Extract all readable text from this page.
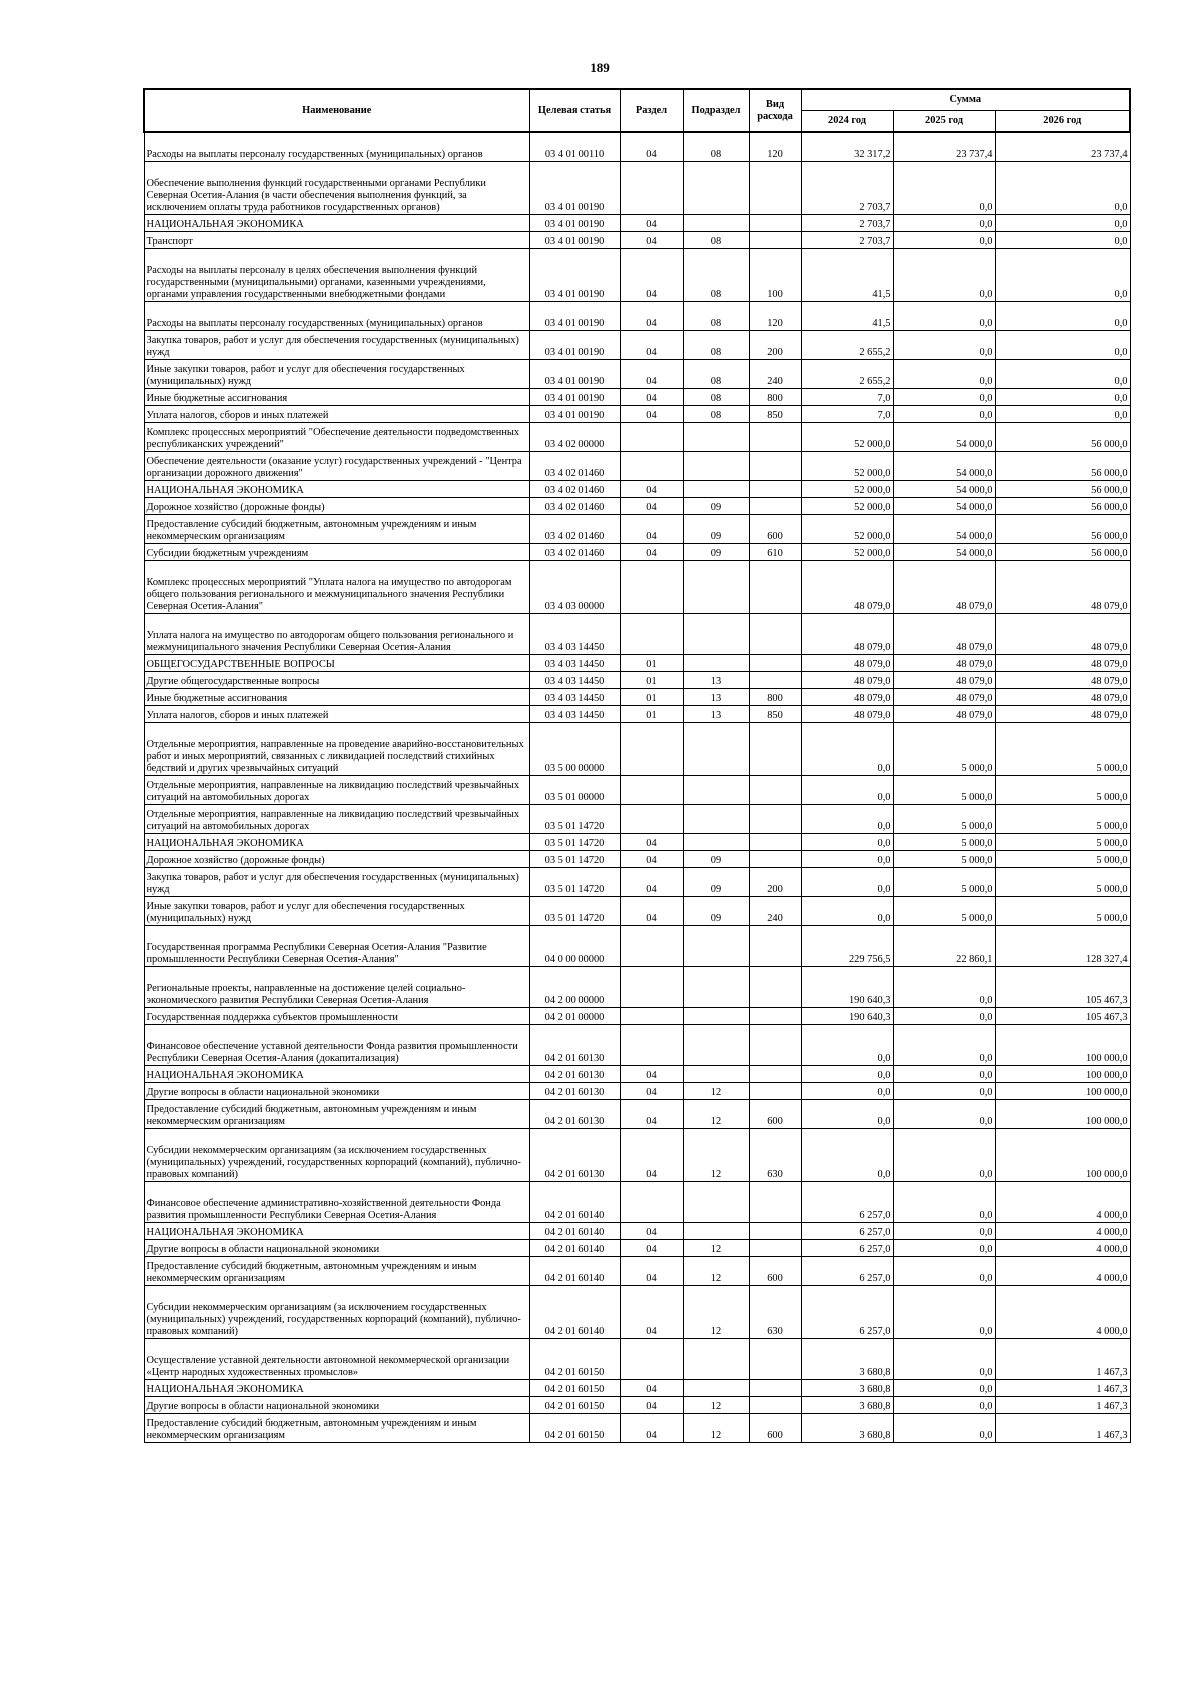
189
Наименование	Целевая статья	Раздел	Подраздел	Вид расхода	Сумма		
					2024 год	2025 год	2026 год
Расходы на выплаты персоналу государственных (муниципальных) органов	03 4 01 00110	04	08	120	32 317,2	23 737,4	23 737,4
Обеспечение выполнения функций государственными органами Республики Северная Осетия-Алания (в части обеспечения выполнения функций, за исключением оплаты труда работников государственных органов)	03 4 01 00190				2 703,7	0,0	0,0
НАЦИОНАЛЬНАЯ ЭКОНОМИКА	03 4 01 00190	04			2 703,7	0,0	0,0
Транспорт	03 4 01 00190	04	08		2 703,7	0,0	0,0
Расходы на выплаты персоналу в целях обеспечения выполнения функций государственными (муниципальными) органами, казенными учреждениями, органами управления государственными внебюджетными фондами	03 4 01 00190	04	08	100	41,5	0,0	0,0
Расходы на выплаты персоналу государственных (муниципальных) органов	03 4 01 00190	04	08	120	41,5	0,0	0,0
Закупка товаров, работ и услуг для обеспечения государственных (муниципальных) нужд	03 4 01 00190	04	08	200	2 655,2	0,0	0,0
Иные закупки товаров, работ и услуг для обеспечения государственных (муниципальных) нужд	03 4 01 00190	04	08	240	2 655,2	0,0	0,0
Иные бюджетные ассигнования	03 4 01 00190	04	08	800	7,0	0,0	0,0
Уплата налогов, сборов и иных платежей	03 4 01 00190	04	08	850	7,0	0,0	0,0
Комплекс процессных мероприятий "Обеспечение деятельности подведомственных республиканских учреждений"	03 4 02 00000				52 000,0	54 000,0	56 000,0
Обеспечение деятельности (оказание услуг) государственных учреждений - "Центра организации дорожного движения"	03 4 02 01460				52 000,0	54 000,0	56 000,0
НАЦИОНАЛЬНАЯ ЭКОНОМИКА	03 4 02 01460	04			52 000,0	54 000,0	56 000,0
Дорожное хозяйство (дорожные фонды)	03 4 02 01460	04	09		52 000,0	54 000,0	56 000,0
Предоставление субсидий бюджетным, автономным учреждениям и иным некоммерческим организациям	03 4 02 01460	04	09	600	52 000,0	54 000,0	56 000,0
Субсидии бюджетным учреждениям	03 4 02 01460	04	09	610	52 000,0	54 000,0	56 000,0
Комплекс процессных мероприятий "Уплата налога на имущество по автодорогам общего пользования регионального и межмуниципального значения Республики Северная Осетия-Алания"	03 4 03 00000				48 079,0	48 079,0	48 079,0
Уплата налога на имущество по автодорогам общего пользования регионального и межмуниципального значения Республики Северная Осетия-Алания	03 4 03 14450				48 079,0	48 079,0	48 079,0
ОБЩЕГОСУДАРСТВЕННЫЕ ВОПРОСЫ	03 4 03 14450	01			48 079,0	48 079,0	48 079,0
Другие общегосударственные вопросы	03 4 03 14450	01	13		48 079,0	48 079,0	48 079,0
Иные бюджетные ассигнования	03 4 03 14450	01	13	800	48 079,0	48 079,0	48 079,0
Уплата налогов, сборов и иных платежей	03 4 03 14450	01	13	850	48 079,0	48 079,0	48 079,0
Отдельные мероприятия, направленные на проведение аварийно-восстановительных работ и иных мероприятий, связанных с ликвидацией последствий стихийных бедствий и других чрезвычайных ситуаций	03 5 00 00000				0,0	5 000,0	5 000,0
Отдельные мероприятия, направленные на ликвидацию последствий чрезвычайных ситуаций на автомобильных дорогах	03 5 01 00000				0,0	5 000,0	5 000,0
Отдельные мероприятия, направленные на ликвидацию последствий чрезвычайных ситуаций на автомобильных дорогах	03 5 01 14720				0,0	5 000,0	5 000,0
НАЦИОНАЛЬНАЯ ЭКОНОМИКА	03 5 01 14720	04			0,0	5 000,0	5 000,0
Дорожное хозяйство (дорожные фонды)	03 5 01 14720	04	09		0,0	5 000,0	5 000,0
Закупка товаров, работ и услуг для обеспечения государственных (муниципальных) нужд	03 5 01 14720	04	09	200	0,0	5 000,0	5 000,0
Иные закупки товаров, работ и услуг для обеспечения государственных (муниципальных) нужд	03 5 01 14720	04	09	240	0,0	5 000,0	5 000,0
Государственная программа Республики Северная Осетия-Алания "Развитие промышленности Республики Северная Осетия-Алания"	04 0 00 00000				229 756,5	22 860,1	128 327,4
Региональные проекты, направленные на достижение целей социально-экономического развития Республики Северная Осетия-Алания	04 2 00 00000				190 640,3	0,0	105 467,3
Государственная поддержка субъектов промышленности	04 2 01 00000				190 640,3	0,0	105 467,3
Финансовое обеспечение уставной деятельности Фонда развития промышленности Республики Северная Осетия-Алания (докапитализация)	04 2 01 60130				0,0	0,0	100 000,0
НАЦИОНАЛЬНАЯ ЭКОНОМИКА	04 2 01 60130	04			0,0	0,0	100 000,0
Другие вопросы в области национальной экономики	04 2 01 60130	04	12		0,0	0,0	100 000,0
Предоставление субсидий бюджетным, автономным учреждениям и иным некоммерческим организациям	04 2 01 60130	04	12	600	0,0	0,0	100 000,0
Субсидии некоммерческим организациям (за исключением государственных (муниципальных) учреждений, государственных корпораций (компаний), публично-правовых компаний)	04 2 01 60130	04	12	630	0,0	0,0	100 000,0
Финансовое обеспечение административно-хозяйственной деятельности Фонда развития промышленности Республики Северная Осетия-Алания	04 2 01 60140				6 257,0	0,0	4 000,0
НАЦИОНАЛЬНАЯ ЭКОНОМИКА	04 2 01 60140	04			6 257,0	0,0	4 000,0
Другие вопросы в области национальной экономики	04 2 01 60140	04	12		6 257,0	0,0	4 000,0
Предоставление субсидий бюджетным, автономным учреждениям и иным некоммерческим организациям	04 2 01 60140	04	12	600	6 257,0	0,0	4 000,0
Субсидии некоммерческим организациям (за исключением государственных (муниципальных) учреждений, государственных корпораций (компаний), публично-правовых компаний)	04 2 01 60140	04	12	630	6 257,0	0,0	4 000,0
Осуществление уставной деятельности автономной некоммерческой организации «Центр народных художественных промыслов»	04 2 01 60150				3 680,8	0,0	1 467,3
НАЦИОНАЛЬНАЯ ЭКОНОМИКА	04 2 01 60150	04			3 680,8	0,0	1 467,3
Другие вопросы в области национальной экономики	04 2 01 60150	04	12		3 680,8	0,0	1 467,3
Предоставление субсидий бюджетным, автономным учреждениям и иным некоммерческим организациям	04 2 01 60150	04	12	600	3 680,8	0,0	1 467,3
